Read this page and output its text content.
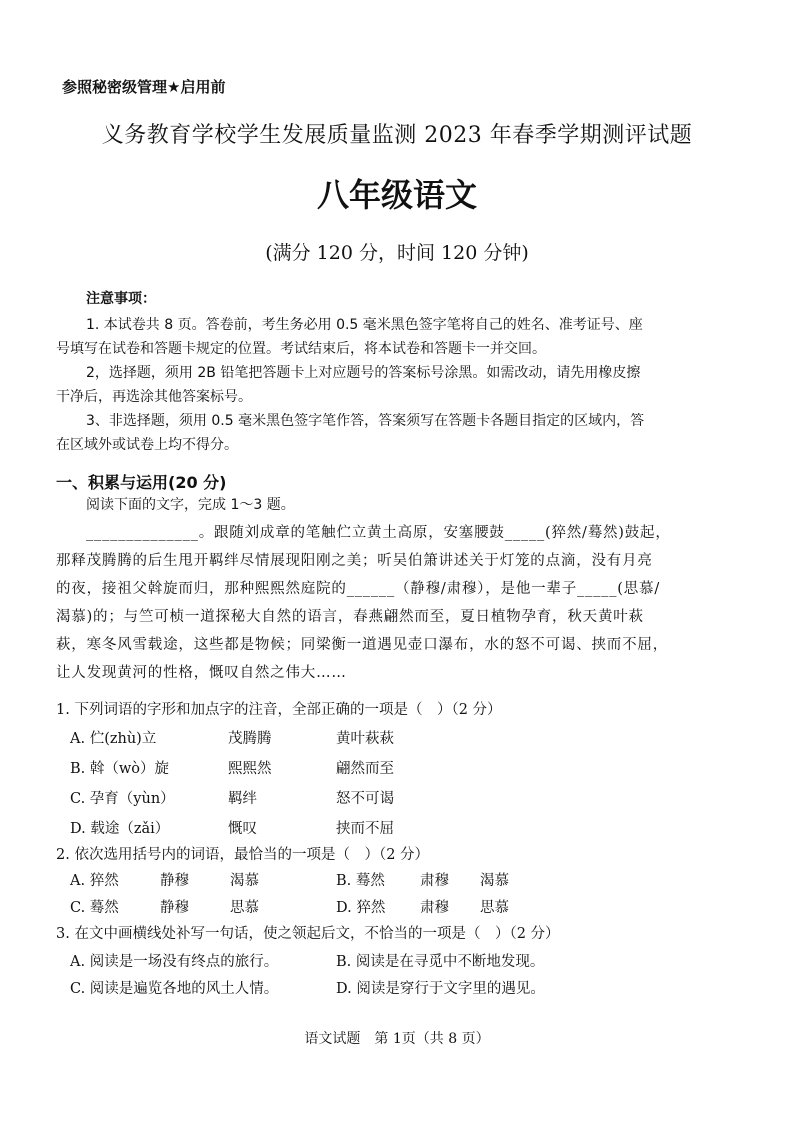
参照秘密级管理★启用前
义务教育学校学生发展质量监测 2023 年春季学期测评试题
八年级语文
(满分 120 分，时间 120 分钟)
注意事项：
1. 本试卷共 8 页。答卷前，考生务必用 0.5 毫米黑色签字笔将自己的姓名、准考证号、座
号填写在试卷和答题卡规定的位置。考试结束后，将本试卷和答题卡一并交回。
2，选择题，须用 2B 铅笔把答题卡上对应题号的答案标号涂黑。如需改动，请先用橡皮擦
干净后，再选涂其他答案标号。
3、非选择题，须用 0.5 毫米黑色签字笔作答，答案须写在答题卡各题目指定的区域内，答
在区域外或试卷上均不得分。
一、积累与运用(20 分)
阅读下面的文字，完成 1～3 题。
______________。跟随刘成章的笔触伫立黄土高原，安塞腰鼓_____(猝然/蓦然)鼓起，
那释茂腾腾的后生甩开羁绊尽情展现阳刚之美；听吴伯箫讲述关于灯笼的点滴，没有月亮
的夜，接祖父斡旋而归，那种熙熙然庭院的______（静穆/肃穆），是他一辈子_____(思慕/
渴慕)的；与竺可桢一道探秘大自然的语言，春燕翩然而至，夏日植物孕育，秋天黄叶萩
萩，寒冬风雪载途，这些都是物候；同梁衡一道遇见壶口瀑布，水的怒不可谒、挟而不屈，
让人发现黄河的性格，慨叹自然之伟大……
1. 下列词语的字形和加点字的注音，全部正确的一项是（　）（2 分）
A. 伫(zhù)立	茂腾腾	黄叶萩萩
B. 斡（wò）旋	熙熙然	翩然而至
C. 孕育（yùn）	羁绊	怒不可谒
D. 载途（zǎi）	慨叹	挟而不屈
2. 依次选用括号内的词语，最恰当的一项是（　）（2 分）
A. 猝然	静穆	渴慕	B. 蓦然 肃穆 渴慕
C. 蓦然	静穆	思慕	D. 猝然 肃穆 思慕
3. 在文中画横线处补写一句话，使之领起后文，不恰当的一项是（　）（2 分）
A. 阅读是一场没有终点的旅行。	B. 阅读是在寻觅中不断地发现。
C. 阅读是遍览各地的风土人情。	D. 阅读是穿行于文字里的遇见。
语文试题　第 1页（共 8 页）
